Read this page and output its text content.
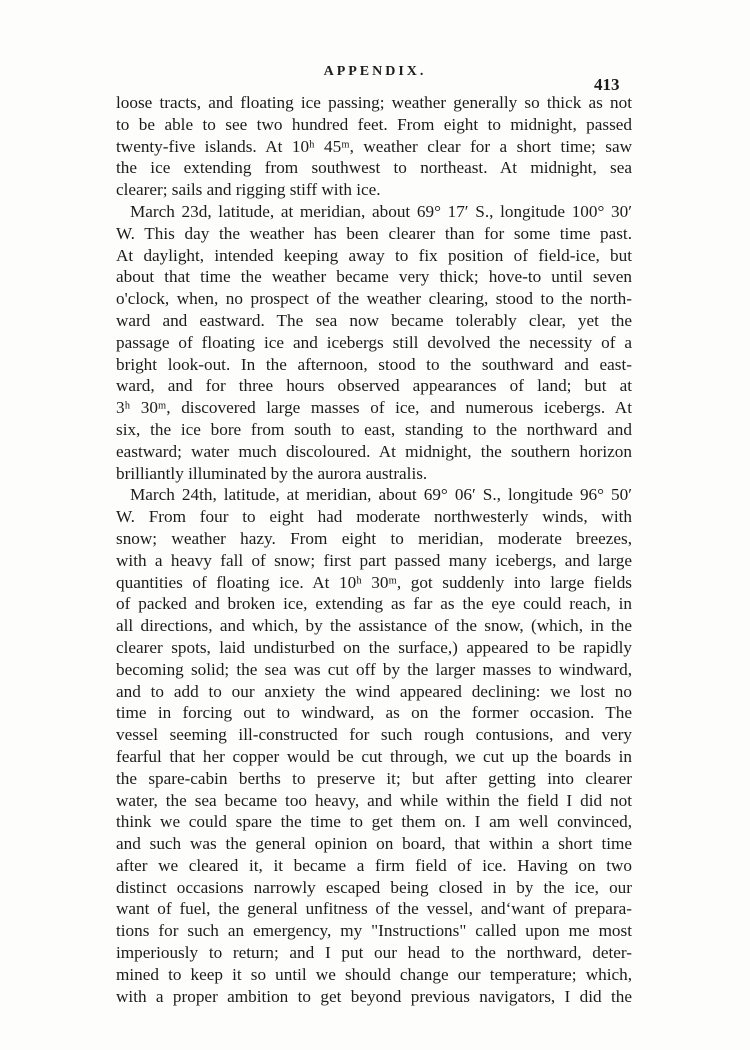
APPENDIX.
413
loose tracts, and floating ice passing; weather generally so thick as not
to be able to see two hundred feet. From eight to midnight, passed
twenty-five islands. At 10ʰ 45ᵐ, weather clear for a short time; saw
the ice extending from southwest to northeast. At midnight, sea
clearer; sails and rigging stiff with ice.
March 23d, latitude, at meridian, about 69° 17′ S., longitude 100° 30′
W. This day the weather has been clearer than for some time past.
At daylight, intended keeping away to fix position of field-ice, but
about that time the weather became very thick; hove-to until seven
o'clock, when, no prospect of the weather clearing, stood to the north-
ward and eastward. The sea now became tolerably clear, yet the
passage of floating ice and icebergs still devolved the necessity of a
bright look-out. In the afternoon, stood to the southward and east-
ward, and for three hours observed appearances of land; but at
3ʰ 30ᵐ, discovered large masses of ice, and numerous icebergs. At
six, the ice bore from south to east, standing to the northward and
eastward; water much discoloured. At midnight, the southern horizon
brilliantly illuminated by the aurora australis.
March 24th, latitude, at meridian, about 69° 06′ S., longitude 96° 50′
W. From four to eight had moderate northwesterly winds, with
snow; weather hazy. From eight to meridian, moderate breezes,
with a heavy fall of snow; first part passed many icebergs, and large
quantities of floating ice. At 10ʰ 30ᵐ, got suddenly into large fields
of packed and broken ice, extending as far as the eye could reach, in
all directions, and which, by the assistance of the snow, (which, in the
clearer spots, laid undisturbed on the surface,) appeared to be rapidly
becoming solid; the sea was cut off by the larger masses to windward,
and to add to our anxiety the wind appeared declining: we lost no
time in forcing out to windward, as on the former occasion. The
vessel seeming ill-constructed for such rough contusions, and very
fearful that her copper would be cut through, we cut up the boards in
the spare-cabin berths to preserve it; but after getting into clearer
water, the sea became too heavy, and while within the field I did not
think we could spare the time to get them on. I am well convinced,
and such was the general opinion on board, that within a short time
after we cleared it, it became a firm field of ice. Having on two
distinct occasions narrowly escaped being closed in by the ice, our
want of fuel, the general unfitness of the vessel, and‘want of prepara-
tions for such an emergency, my "Instructions" called upon me most
imperiously to return; and I put our head to the northward, deter-
mined to keep it so until we should change our temperature; which,
with a proper ambition to get beyond previous navigators, I did the
